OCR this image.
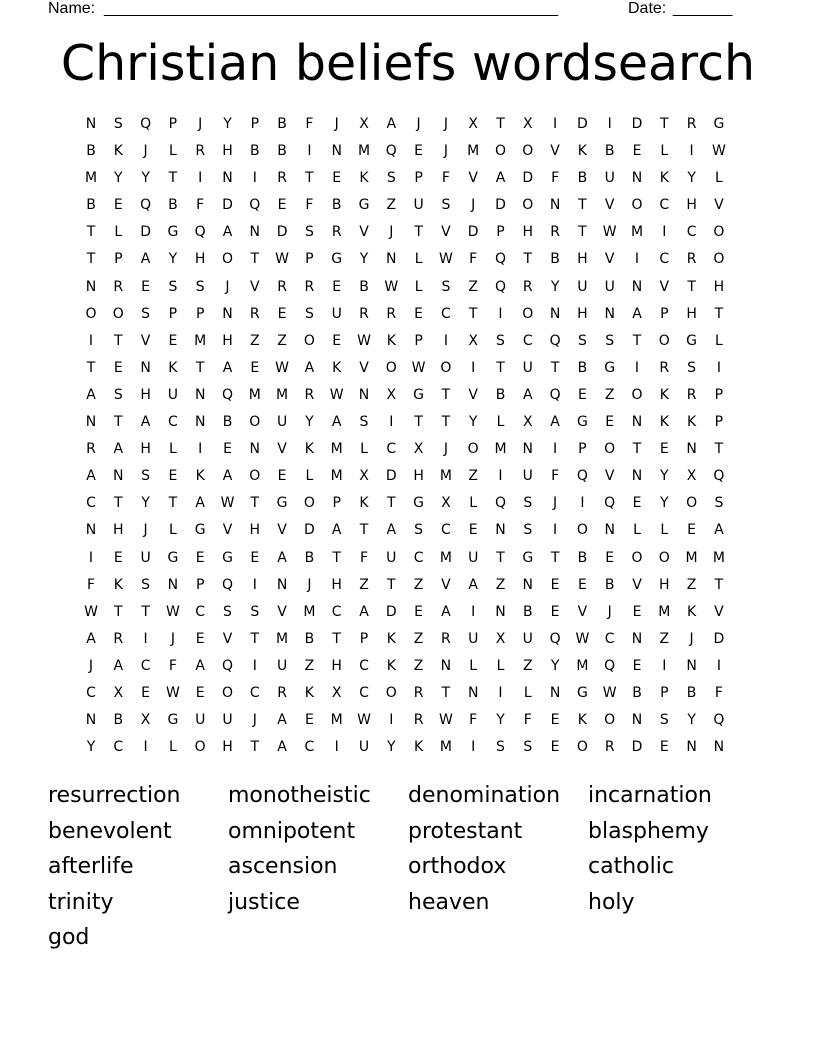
Name: ______________________________________________________	Date: _______
Christian beliefs wordsearch
N	S	Q	P	J	Y	P	B	F	J	X	A	J	J	X	T	X	I	D	I	D	T	R	G
B	K	J	L	R	H	B	B	I	N	M	Q	E	J	M	O	O	V	K	B	E	L	I	W
M	Y	Y	T	I	N	I	R	T	E	K	S	P	F	V	A	D	F	B	U	N	K	Y	L
B	E	Q	B	F	D	Q	E	F	B	G	Z	U	S	J	D	O	N	T	V	O	C	H	V
T	L	D	G	Q	A	N	D	S	R	V	J	T	V	D	P	H	R	T	W M	I	C	O
T	P	A	Y	H	O	T	W	P	G	Y	N	L	W	F	Q	T	B	H	V	I	C	R	O
N	R	E	S	S	J	V	R	R	E	B	W	L	S	Z	Q	R	Y	U	U	N	V	T	H
O	O	S	P	P	N	R	E	S	U	R	R	E	C	T	I	O	N	H	N	A	P	H	T
I	T	V	E	M	H	Z	Z	O	E	W	K	P	I	X	S	C	Q	S	S	T	O	G	L
T	E	N	K	T	A	E	W	A	K	V	O	W	O	I	T	U	T	B	G	I	R	S	I
A	S	H	U	N	Q	M M	R	W	N	X	G	T	V	B	A	Q	E	Z	O	K	R	P
N	T	A	C	N	B	O	U	Y	A	S	I	T	T	Y	L	X	A	G	E	N	K	K	P
R	A	H	L	I	E	N	V	K	M	L	C	X	J	O	M	N	I	P	O	T	E	N	T
A	N	S	E	K	A	O	E	L	M	X	D	H	M	Z	I	U	F	Q	V	N	Y	X	Q
C	T	Y	T	A	W	T	G	O	P	K	T	G	X	L	Q	S	J	I	Q	E	Y	O	S
N	H	J	L	G	V	H	V	D	A	T	A	S	C	E	N	S	I	O	N	L	L	E	A
I	E	U	G	E	G	E	A	B	T	F	U	C	M	U	T	G	T	B	E	O	O	M M
F	K	S	N	P	Q	I	N	J	H	Z	T	Z	V	A	Z	N	E	E	B	V	H	Z	T
W	T	T	W	C	S	S	V	M	C	A	D	E	A	I	N	B	E	V	J	E	M	K	V
A	R	I	J	E	V	T	M	B	T	P	K	Z	R	U	X	U	Q	W	C	N	Z	J	D
J	A	C	F	A	Q	I	U	Z	H	C	K	Z	N	L	L	Z	Y	M	Q	E	I	N	I
C	X	E	W	E	O	C	R	K	X	C	O	R	T	N	I	L	N	G	W	B	P	B	F
N	B	X	G	U	U	J	A	E	M W	I	R	W	F	Y	F	E	K	O	N	S	Y	Q
Y	C	I	L	O	H	T	A	C	I	U	Y	K	M	I	S	S	E	O	R	D	E	N	N
resurrection monotheistic denomination incarnation
benevolent	omnipotent protestant	blasphemy
afterlife	ascension	orthodox	catholic
trinity	justice	heaven	holy
god
